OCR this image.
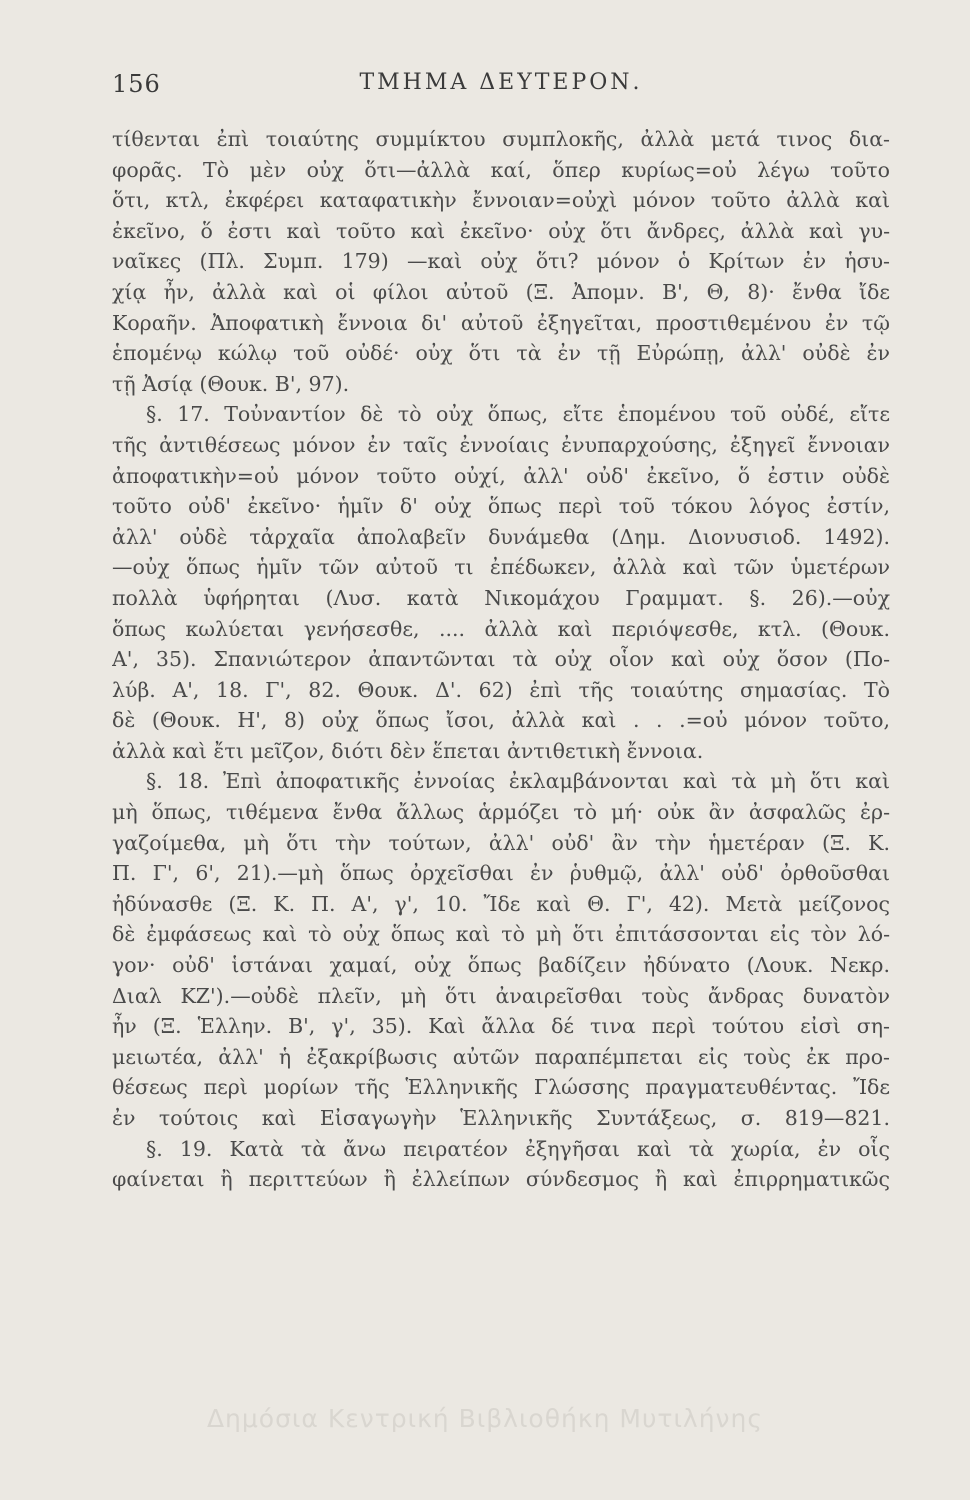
156	ΤΜΗΜΑ ΔΕΥΤΕΡΟΝ.
τίθενται ἐπὶ τοιαύτης συμμίκτου συμπλοκῆς, ἀλλὰ μετά τινος δια-
φορᾶς. Τὸ μὲν οὐχ ὅτι—ἀλλὰ καί, ὅπερ κυρίως=οὐ λέγω τοῦτο
ὅτι, κτλ, ἐκφέρει καταφατικὴν ἔννοιαν=οὐχὶ μόνον τοῦτο ἀλλὰ καὶ
ἐκεῖνο, ὅ ἐστι καὶ τοῦτο καὶ ἐκεῖνο· οὐχ ὅτι ἄνδρες, ἀλλὰ καὶ γυ-
ναῖκες (Πλ. Συμπ. 179) —καὶ οὐχ ὅτι? μόνον ὁ Κρίτων ἐν ἡσυ-
χίᾳ ἦν, ἀλλὰ καὶ οἱ φίλοι αὐτοῦ (Ξ. Ἀπομν. Β', Θ, 8)· ἔνθα ἴδε
Κοραῆν. Ἀποφατικὴ ἔννοια δι' αὐτοῦ ἐξηγεῖται, προστιθεμένου ἐν τῷ
ἑπομένῳ κώλῳ τοῦ οὐδέ· οὐχ ὅτι τὰ ἐν τῇ Εὐρώπῃ, ἀλλ' οὐδὲ ἐν
τῇ Ἀσίᾳ (Θουκ. Β', 97).
§. 17. Τοὐναντίον δὲ τὸ οὐχ ὅπως, εἴτε ἑπομένου τοῦ οὐδέ, εἴτε
τῆς ἀντιθέσεως μόνον ἐν ταῖς ἐννοίαις ἐνυπαρχούσης, ἐξηγεῖ ἔννοιαν
ἀποφατικὴν=οὐ μόνον τοῦτο οὐχί, ἀλλ' οὐδ' ἐκεῖνο, ὅ ἐστιν οὐδὲ
τοῦτο οὐδ' ἐκεῖνο· ἡμῖν δ' οὐχ ὅπως περὶ τοῦ τόκου λόγος ἐστίν,
ἀλλ' οὐδὲ τἀρχαῖα ἀπολαβεῖν δυνάμεθα (Δημ. Διονυσιοδ. 1492).
—οὐχ ὅπως ἡμῖν τῶν αὐτοῦ τι ἐπέδωκεν, ἀλλὰ καὶ τῶν ὑμετέρων
πολλὰ ὑφήρηται (Λυσ. κατὰ Νικομάχου Γραμματ. §. 26).—οὐχ
ὅπως κωλύεται γενήσεσθε, .... ἀλλὰ καὶ περιόψεσθε, κτλ. (Θουκ.
Α', 35). Σπανιώτερον ἀπαντῶνται τὰ οὐχ οἷον καὶ οὐχ ὅσον (Πο-
λύβ. Α', 18. Γ', 82. Θουκ. Δ'. 62) ἐπὶ τῆς τοιαύτης σημασίας. Τὸ
δὲ (Θουκ. Η', 8) οὐχ ὅπως ἴσοι, ἀλλὰ καὶ . . .=οὐ μόνον τοῦτο,
ἀλλὰ καὶ ἔτι μεῖζον, διότι δὲν ἕπεται ἀντιθετικὴ ἔννοια.
§. 18. Ἐπὶ ἀποφατικῆς ἐννοίας ἐκλαμβάνονται καὶ τὰ μὴ ὅτι καὶ
μὴ ὅπως, τιθέμενα ἔνθα ἄλλως ἁρμόζει τὸ μή· οὐκ ἂν ἀσφαλῶς ἐρ-
γαζοίμεθα, μὴ ὅτι τὴν τούτων, ἀλλ' οὐδ' ἂν τὴν ἡμετέραν (Ξ. Κ.
Π. Γ', 6', 21).—μὴ ὅπως ὀρχεῖσθαι ἐν ῥυθμῷ, ἀλλ' οὐδ' ὀρθοῦσθαι
ἠδύνασθε (Ξ. Κ. Π. Α', γ', 10. Ἴδε καὶ Θ. Γ', 42). Μετὰ μείζονος
δὲ ἐμφάσεως καὶ τὸ οὐχ ὅπως καὶ τὸ μὴ ὅτι ἐπιτάσσονται εἰς τὸν λό-
γον· οὐδ' ἱστάναι χαμαί, οὐχ ὅπως βαδίζειν ἠδύνατο (Λουκ. Νεκρ.
Διαλ ΚΖ').—οὐδὲ πλεῖν, μὴ ὅτι ἀναιρεῖσθαι τοὺς ἄνδρας δυνατὸν
ἦν (Ξ. Ἑλλην. Β', γ', 35). Καὶ ἄλλα δέ τινα περὶ τούτου εἰσὶ ση-
μειωτέα, ἀλλ' ἡ ἐξακρίβωσις αὐτῶν παραπέμπεται εἰς τοὺς ἐκ προ-
θέσεως περὶ μορίων τῆς Ἑλληνικῆς Γλώσσης πραγματευθέντας. Ἴδε
ἐν τούτοις καὶ Εἰσαγωγὴν Ἑλληνικῆς Συντάξεως, σ. 819—821.
§. 19. Κατὰ τὰ ἄνω πειρατέον ἐξηγῆσαι καὶ τὰ χωρία, ἐν οἷς
φαίνεται ἢ περιττεύων ἢ ἐλλείπων σύνδεσμος ἢ καὶ ἐπιρρηματικῶς
Δημόσια Κεντρική Βιβλιοθήκη Μυτιλήνης
